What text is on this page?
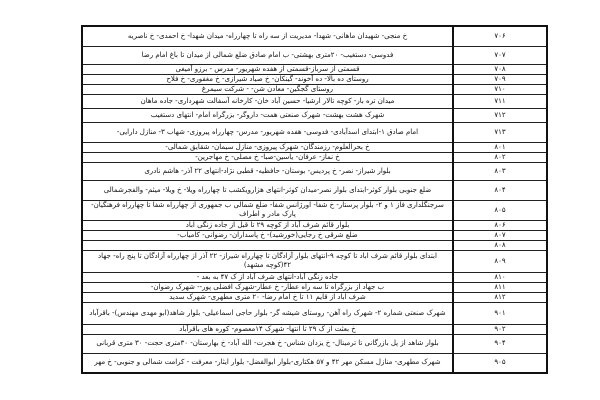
۷۰۶	خ منجی- شهیدان ماهانی- شهدا- مدیریت از سه راه تا چهارراه- میدان شهدا- خ احمدی- خ ناصریه
۷۰۷	فدوسی- دستغیب- ۲۰متری بهشتی- ب امام صادق ضلع شمالی از میدان تا باغ امام رضا
۷۰۸	قسمتی از سرباز-قسمتی از هفده شهریور- مدرس - برزو آمیغی
۷۰۹	روستای ده بالا- ده آخوند- گینکان- خ صیاد شیرازی- خ مغفوری- خ فلاح
۷۱۰	روستای گجگین- معادن شن- - شرکت سیمرغ
۷۱۱	میدان تره بار- کوچه تالار ارشیا- حسین آباد خان- کارخانه آسفالت شهرداری- جاده ماهان
۷۱۲	شهرک هشت بهشت- شهرک صنعتی همت- داروگر- بزرگراه امام- انتهای دستغیب
۷۱۳	امام صادق ۱-ابتدای اسدآبادی- فدوسی- هفده شهریور- مدرس- چهارراه پیروزی- شهاب ۳- منازل دارایی-
۸۰۱	خ بحرالعلوم- رزمندگان- شهرک پیروزی- منازل سیمان- شقایق شمالی-
۸۰۲	خ نماز- عرفان- یاسین-صبا- خ مصلی- خ مهاجرین-
۸۰۳	بلوار شیراز- نصر- خ پردیس- بوستان- حافظیه- قطبی نژاد-انتهای ۲۲ آذر- هاشم نادری
۸۰۴	ضلع جنوبی بلوار کوثر-ابتدای بلوار نصر-میدان کوثر-انتهای هزارویکشب تا چهارراه ویلا- خ ویلا- میثم- والفجرشمالی
۸۰۵	سرجنگلداری فاز ۱ و ۲- بلوار پرستار- خ شفا- اورژانس شفا- ضلع شمالی ب جمهوری از چهارراه شفا تا چهارراه فرهنگیان- پارک مادر و اطراف
۸۰۶	بلوار قائم شرف آباد از کوچه ۲۹ تا قبل از جاده زنگی اباد
۸۰۷	ضلع شرقی خ رجایی(خورشید)- خ پاسداران- رضوانی- کامیاب-
۸۰۸	
۸۰۹	ابتدای بلوار قائم شرف اباد تا کوچه ۹-انتهای بلوار آزادگان تا چهارراه شیراز- ۲۲ آذر از چهارراه آزادگان تا پنج راه- جهاد ۴۲(کوچه مشهد)
۸۱۰	جاده زنگی آباد-انتهای شرف آباد از ک ۴۷ به بعد -
۸۱۱	ب جهاد از بزرگراه تا سه راه عطار- خ عطار-شهرک افضلی پور-- شهرک رضوان-
۸۱۲	شرف اباد از قایم ۱۱ تا خ امام رضا- ۲۰ متری مطهری- شهرک سدید
۹۰۱	شهرک صنعتی شماره ۲- شهرک راه آهن- روستای شیشه گر- بلوار حاجی اسماعیلی- بلوار شاهد(ابو مهدی مهندس)- باقرآباد
۹۰۲	خ بعثت از ک ۲۹ تا انتها- شهرک ۱۴معصوم- کوره های باقرآباد
۹۰۴	بلوار شاهد از پل بازرگانی تا ترمینال- خ یزدان شناس- خ هجرت- الله آباد- خ بهارستان- ۳۰متری حجت- ۳۰ متری قربانی
۹۰۵	شهرک مطهری- منازل مسکن مهر ۴۲ و ۵۷ هکتاری-بلوار ابوالفضل- بلوار ایثار- معرفت - کرامت شمالی و جنوبی- خ مهر
